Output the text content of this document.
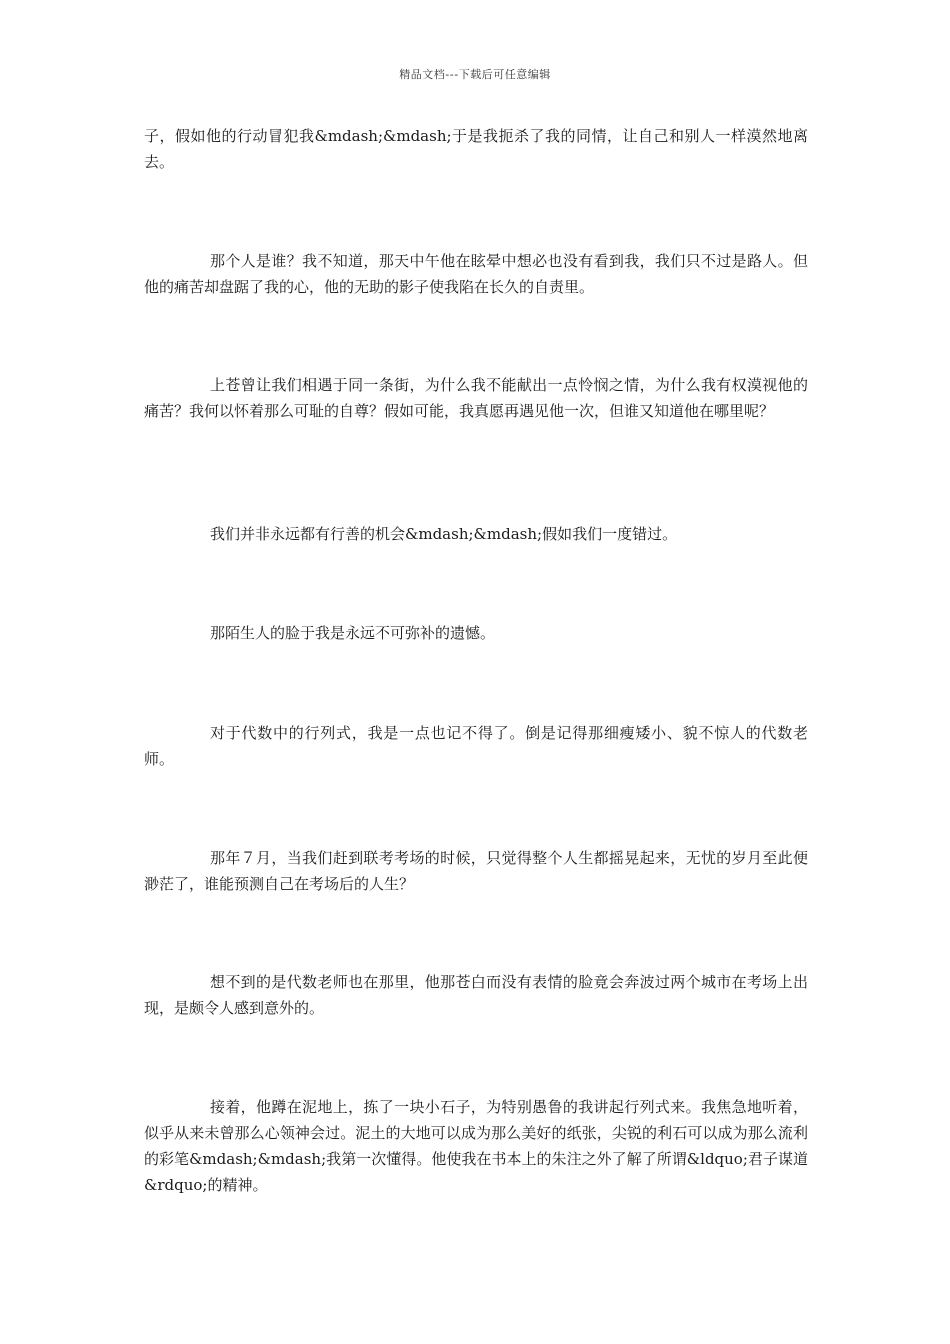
精品文档---下载后可任意编辑

子，假如他的行动冒犯我&mdash;&mdash;于是我扼杀了我的同情，让自己和别人一样漠然地离去。

那个人是谁？我不知道，那天中午他在眩晕中想必也没有看到我，我们只不过是路人。但他的痛苦却盘踞了我的心，他的无助的影子使我陷在长久的自责里。

上苍曾让我们相遇于同一条街，为什么我不能献出一点怜悯之情，为什么我有权漠视他的痛苦？我何以怀着那么可耻的自尊？假如可能，我真愿再遇见他一次，但谁又知道他在哪里呢？

我们并非永远都有行善的机会&mdash;&mdash;假如我们一度错过。

那陌生人的脸于我是永远不可弥补的遗憾。

对于代数中的行列式，我是一点也记不得了。倒是记得那细瘦矮小、貌不惊人的代数老师。

那年７月，当我们赶到联考考场的时候，只觉得整个人生都摇晃起来，无忧的岁月至此便渺茫了，谁能预测自己在考场后的人生？

想不到的是代数老师也在那里，他那苍白而没有表情的脸竟会奔波过两个城市在考场上出现，是颇令人感到意外的。

接着，他蹲在泥地上，拣了一块小石子，为特别愚鲁的我讲起行列式来。我焦急地听着，似乎从来未曾那么心领神会过。泥土的大地可以成为那么美好的纸张，尖锐的利石可以成为那么流利的彩笔&mdash;&mdash;我第一次懂得。他使我在书本上的朱注之外了解了所谓&ldquo;君子谋道&rdquo;的精神。
